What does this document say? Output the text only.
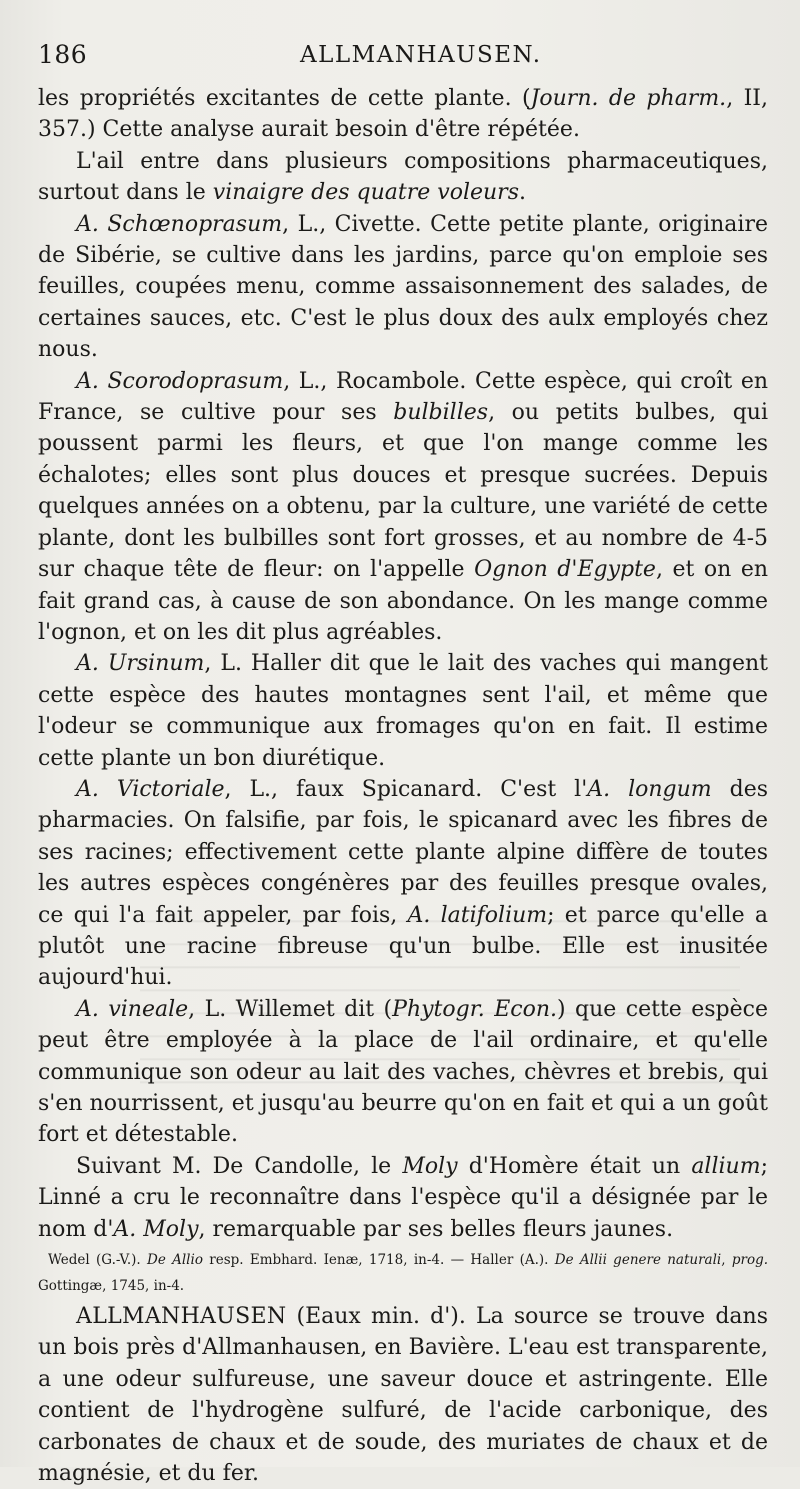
186	ALLMANHAUSEN.

les propriétés excitantes de cette plante. (Journ. de pharm., II, 357.) Cette analyse aurait besoin d'être répétée.

L'ail entre dans plusieurs compositions pharmaceutiques, surtout dans le vinaigre des quatre voleurs.

A. Schœnoprasum, L., Civette. Cette petite plante, originaire de Sibérie, se cultive dans les jardins, parce qu'on emploie ses feuilles, coupées menu, comme assaisonnement des salades, de certaines sauces, etc. C'est le plus doux des aulx employés chez nous.

A. Scorodoprasum, L., Rocambole. Cette espèce, qui croît en France, se cultive pour ses bulbilles, ou petits bulbes, qui poussent parmi les fleurs, et que l'on mange comme les échalotes; elles sont plus douces et presque sucrées. Depuis quelques années on a obtenu, par la culture, une variété de cette plante, dont les bulbilles sont fort grosses, et au nombre de 4-5 sur chaque tête de fleur: on l'appelle Ognon d'Egypte, et on en fait grand cas, à cause de son abondance. On les mange comme l'ognon, et on les dit plus agréables.

A. Ursinum, L. Haller dit que le lait des vaches qui mangent cette espèce des hautes montagnes sent l'ail, et même que l'odeur se communique aux fromages qu'on en fait. Il estime cette plante un bon diurétique.

A. Victoriale, L., faux Spicanard. C'est l'A. longum des pharmacies. On falsifie, par fois, le spicanard avec les fibres de ses racines; effectivement cette plante alpine diffère de toutes les autres espèces congénères par des feuilles presque ovales, ce qui l'a fait appeler, par fois, A. latifolium; et parce qu'elle a plutôt une racine fibreuse qu'un bulbe. Elle est inusitée aujourd'hui.

A. vineale, L. Willemet dit (Phytogr. Econ.) que cette espèce peut être employée à la place de l'ail ordinaire, et qu'elle communique son odeur au lait des vaches, chèvres et brebis, qui s'en nourrissent, et jusqu'au beurre qu'on en fait et qui a un goût fort et détestable.

Suivant M. De Candolle, le Moly d'Homère était un allium; Linné a cru le reconnaître dans l'espèce qu'il a désignée par le nom d'A. Moly, remarquable par ses belles fleurs jaunes.

Wedel (G.-V.). De Allio resp. Embhard. Ienæ, 1718, in-4. — Haller (A.). De Allii genere naturali, prog. Gottingæ, 1745, in-4.

ALLMANHAUSEN (Eaux min. d'). La source se trouve dans un bois près d'Allmanhausen, en Bavière. L'eau est transparente, a une odeur sulfureuse, une saveur douce et astringente. Elle contient de l'hydrogène sulfuré, de l'acide carbonique, des carbonates de chaux et de soude, des muriates de chaux et de magnésie, et du fer.
